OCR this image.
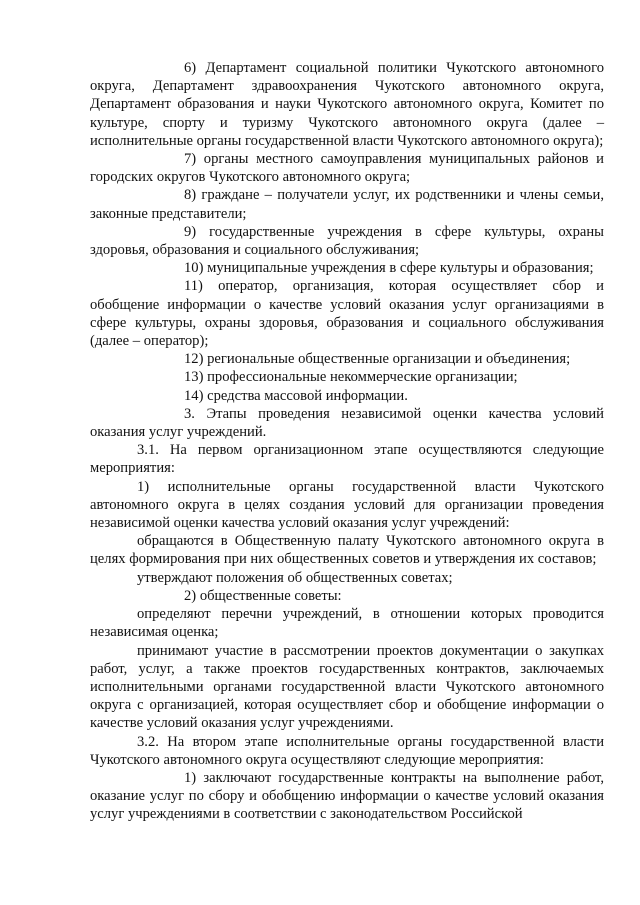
6) Департамент социальной политики Чукотского автономного округа, Департамент здравоохранения Чукотского автономного округа, Департамент образования и науки Чукотского автономного округа, Комитет по культуре, спорту и туризму Чукотского автономного округа (далее – исполнительные органы государственной власти Чукотского автономного округа);

7) органы местного самоуправления муниципальных районов и городских округов Чукотского автономного округа;

8) граждане – получатели услуг, их родственники и члены семьи, законные представители;

9) государственные учреждения в сфере культуры, охраны здоровья, образования и социального обслуживания;

10) муниципальные учреждения в сфере культуры и образования;

11) оператор, организация, которая осуществляет сбор и обобщение информации о качестве условий оказания услуг организациями в сфере культуры, охраны здоровья, образования и социального обслуживания (далее – оператор);

12) региональные общественные организации и объединения;

13) профессиональные некоммерческие организации;

14) средства массовой информации.

3. Этапы проведения независимой оценки качества условий оказания услуг учреждений.

3.1. На первом организационном этапе осуществляются следующие мероприятия:

1) исполнительные органы государственной власти Чукотского автономного округа в целях создания условий для организации проведения независимой оценки качества условий оказания услуг учреждений:

обращаются в Общественную палату Чукотского автономного округа в целях формирования при них общественных советов и утверждения их составов;

утверждают положения об общественных советах;

2) общественные советы:

определяют перечни учреждений, в отношении которых проводится независимая оценка;

принимают участие в рассмотрении проектов документации о закупках работ, услуг, а также проектов государственных контрактов, заключаемых исполнительными органами государственной власти Чукотского автономного округа с организацией, которая осуществляет сбор и обобщение информации о качестве условий оказания услуг учреждениями.

3.2. На втором этапе исполнительные органы государственной власти Чукотского автономного округа осуществляют следующие мероприятия:

1) заключают государственные контракты на выполнение работ, оказание услуг по сбору и обобщению информации о качестве условий оказания услуг учреждениями в соответствии с законодательством Российской
